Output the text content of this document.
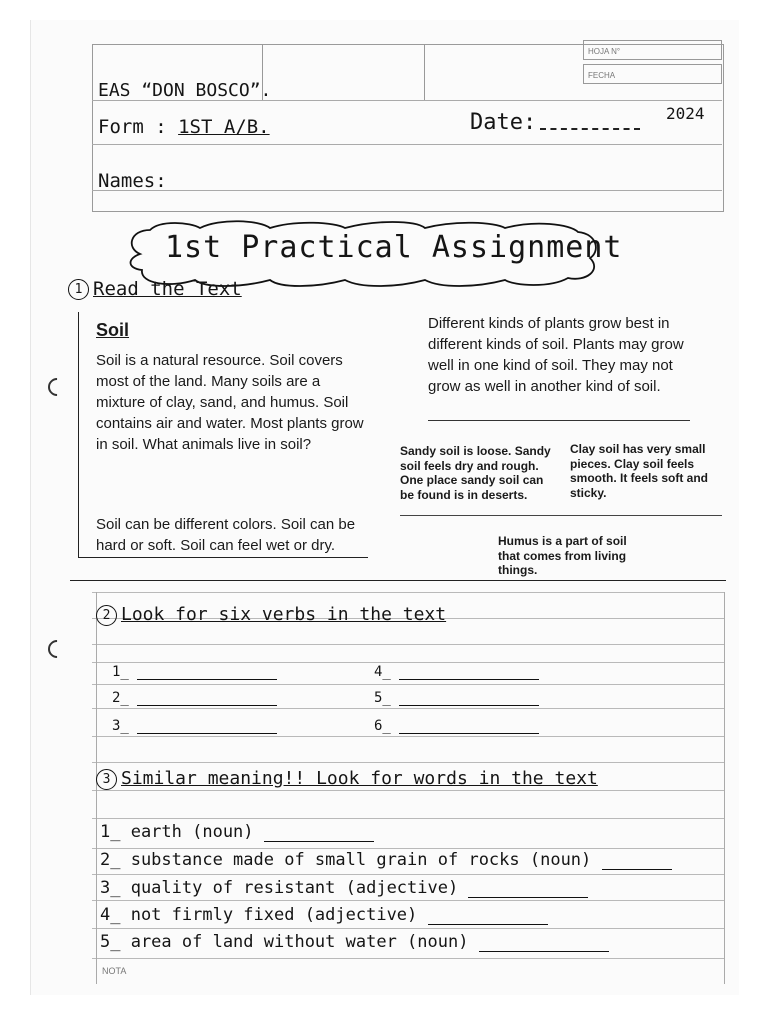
HOJA N°
FECHA
EAS “DON BOSCO”.
Form : 1ST A/B.	Date:	2024
Names:
1st Practical Assignment
1 Read the Text
Soil
Soil is a natural resource. Soil covers most of the land. Many soils are a mixture of clay, sand, and humus. Soil contains air and water. Most plants grow in soil. What animals live in soil?
Soil can be different colors. Soil can be hard or soft. Soil can feel wet or dry.
Different kinds of plants grow best in different kinds of soil. Plants may grow well in one kind of soil. They may not grow as well in another kind of soil.
Sandy soil is loose. Sandy soil feels dry and rough. One place sandy soil can be found is in deserts.
Clay soil has very small pieces. Clay soil feels smooth. It feels soft and sticky.
Humus is a part of soil that comes from living things.
2 Look for six verbs in the text
1_
2_
3_
4_
5_
6_
3 Similar meaning!! Look for words in the text
1_ earth (noun)
2_ substance made of small grain of rocks (noun)
3_ quality of resistant (adjective)
4_ not firmly fixed (adjective)
5_ area of land without water (noun)
NOTA
